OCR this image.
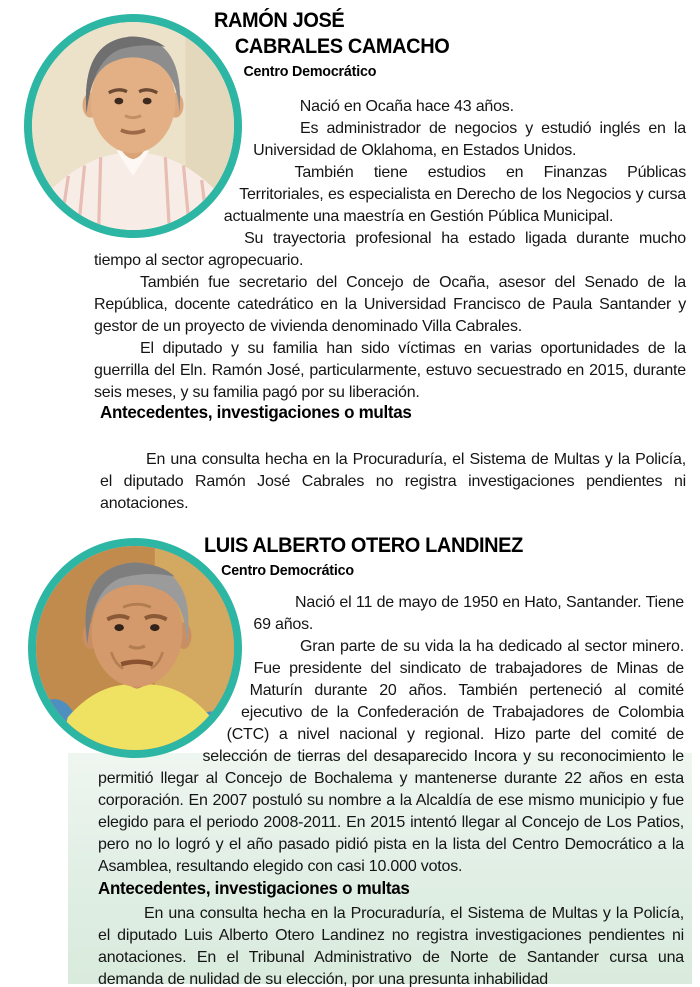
RAMÓN JOSÉ
CABRALES CAMACHO
Centro Democrático

Nació en Ocaña hace 43 años.

Es administrador de negocios y estudió inglés en la Universidad de Oklahoma, en Estados Unidos.

También tiene estudios en Finanzas Públicas Territoriales, es especialista en Derecho de los Negocios y cursa actualmente una maestría en Gestión Pública Municipal.

Su trayectoria profesional ha estado ligada durante mucho tiempo al sector agropecuario.

También fue secretario del Concejo de Ocaña, asesor del Senado de la República, docente catedrático en la Universidad Francisco de Paula Santander y gestor de un proyecto de vivienda denominado Villa Cabrales.

El diputado y su familia han sido víctimas en varias oportunidades de la guerrilla del Eln. Ramón José, particularmente, estuvo secuestrado en 2015, durante seis meses, y su familia pagó por su liberación.

Antecedentes, investigaciones o multas

En una consulta hecha en la Procuraduría, el Sistema de Multas y la Policía, el diputado Ramón José Cabrales no registra investigaciones pendientes ni anotaciones.

LUIS ALBERTO OTERO LANDINEZ
Centro Democrático

Nació el 11 de mayo de 1950 en Hato, Santander. Tiene 69 años.

Gran parte de su vida la ha dedicado al sector minero. Fue presidente del sindicato de trabajadores de Minas de Maturín durante 20 años. También perteneció al comité ejecutivo de la Confederación de Trabajadores de Colombia (CTC) a nivel nacional y regional. Hizo parte del comité de selección de tierras del desaparecido Incora y su reconocimiento le permitió llegar al Concejo de Bochalema y mantenerse durante 22 años en esta corporación. En 2007 postuló su nombre a la Alcaldía de ese mismo municipio y fue elegido para el periodo 2008-2011. En 2015 intentó llegar al Concejo de Los Patios, pero no lo logró y el año pasado pidió pista en la lista del Centro Democrático a la Asamblea, resultando elegido con casi 10.000 votos.

Antecedentes, investigaciones o multas

En una consulta hecha en la Procuraduría, el Sistema de Multas y la Policía, el diputado Luis Alberto Otero Landinez no registra investigaciones pendientes ni anotaciones. En el Tribunal Administrativo de Norte de Santander cursa una demanda de nulidad de su elección, por una presunta inhabilidad
